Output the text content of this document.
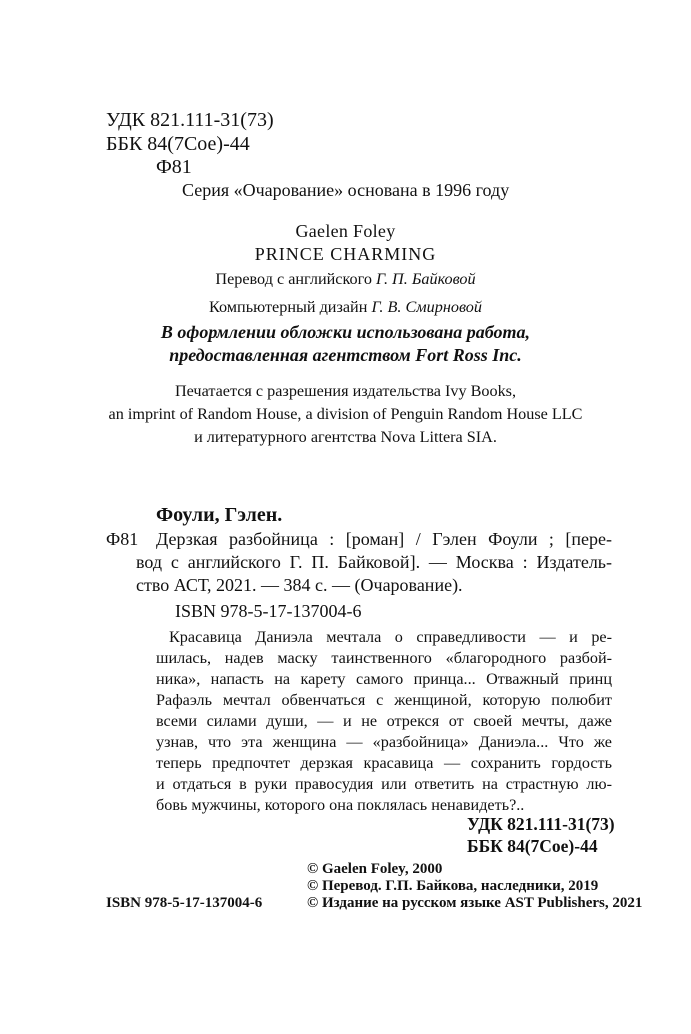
УДК 821.111-31(73)
ББК 84(7Сое)-44
Ф81
Серия «Очарование» основана в 1996 году
Gaelen Foley
PRINCE CHARMING
Перевод с английского Г. П. Байковой
Компьютерный дизайн Г. В. Смирновой
В оформлении обложки использована работа,
предоставленная агентством Fort Ross Inc.
Печатается с разрешения издательства Ivy Books,
an imprint of Random House, a division of Penguin Random House LLC
и литературного агентства Nova Littera SIA.
Фоули, Гэлен.
Ф81 Дерзкая разбойница : [роман] / Гэлен Фоули ; [пере-
вод с английского Г. П. Байковой]. — Москва : Издатель-
ство АСТ, 2021. — 384 с. — (Очарование).
ISBN 978-5-17-137004-6
Красавица Даниэла мечтала о справедливости — и ре-
шилась, надев маску таинственного «благородного разбой-
ника», напасть на карету самого принца... Отважный принц
Рафаэль мечтал обвенчаться с женщиной, которую полюбит
всеми силами души, — и не отрекся от своей мечты, даже
узнав, что эта женщина — «разбойница» Даниэла... Что же
теперь предпочтет дерзкая красавица — сохранить гордость
и отдаться в руки правосудия или ответить на страстную лю-
бовь мужчины, которого она поклялась ненавидеть?..
УДК 821.111-31(73)
ББК 84(7Сое)-44
ISBN 978-5-17-137004-6
© Gaelen Foley, 2000
© Перевод. Г.П. Байкова, наследники, 2019
© Издание на русском языке AST Publishers, 2021
